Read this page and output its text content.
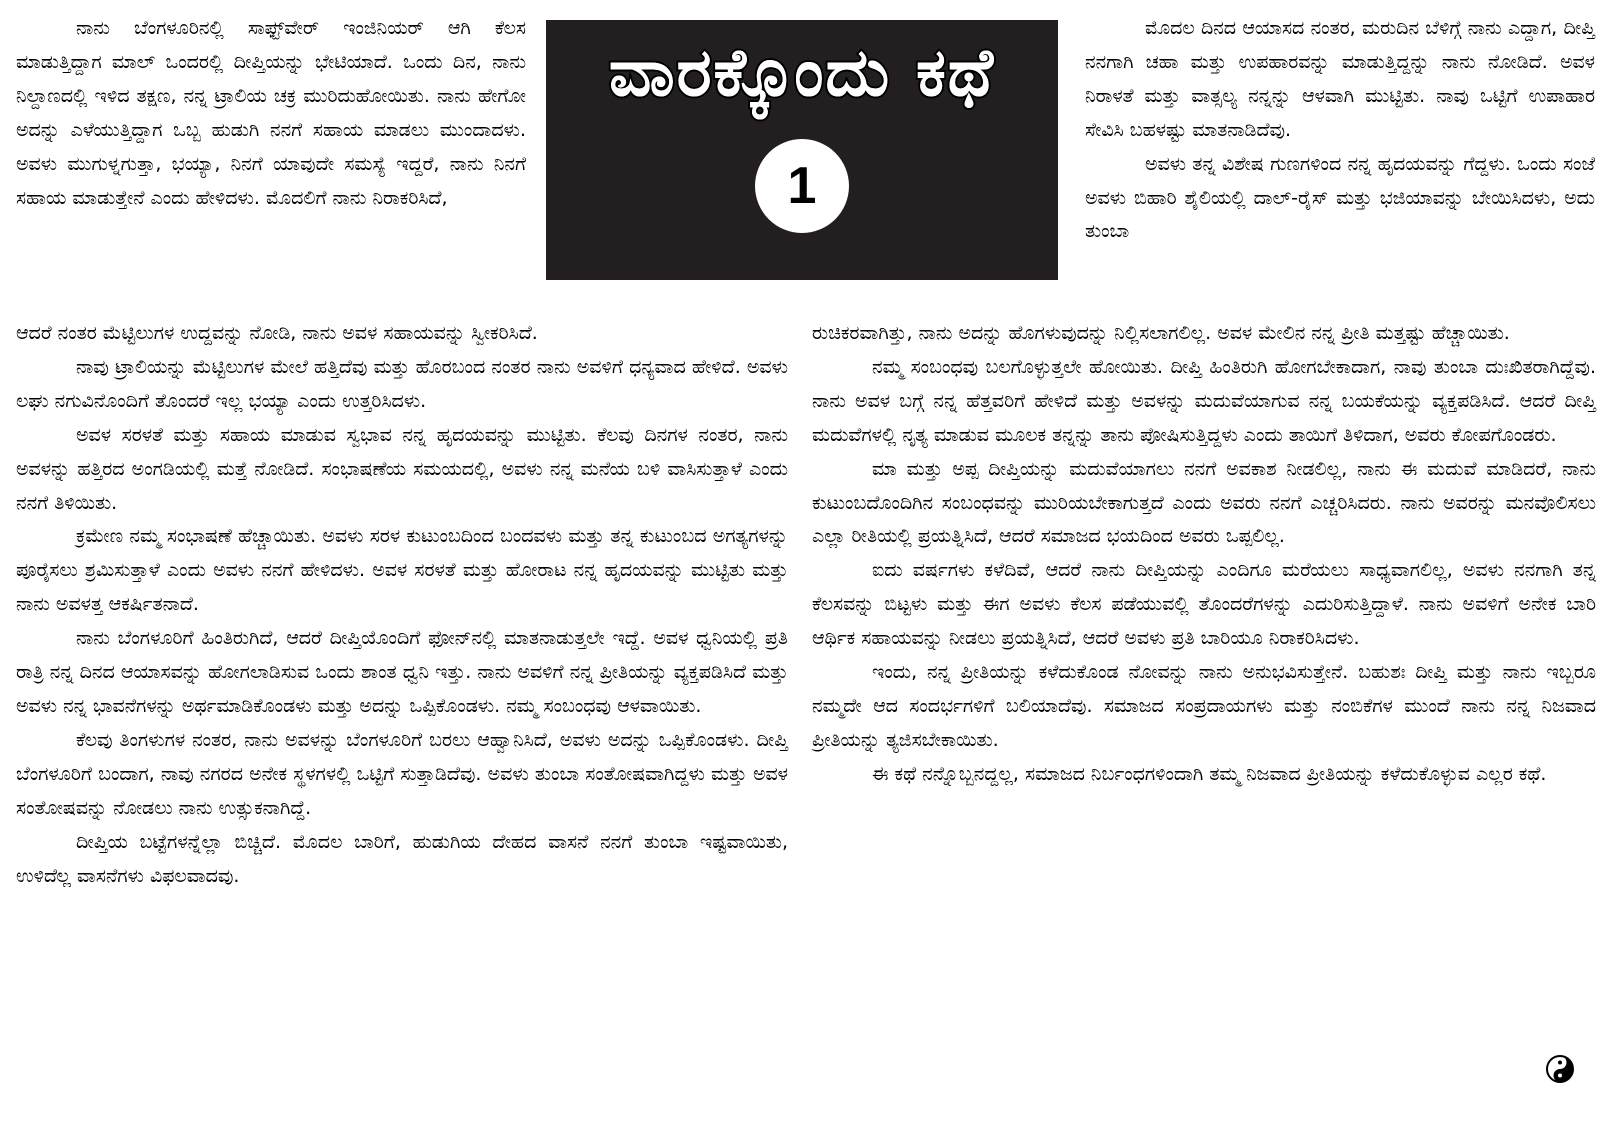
ನಾನು ಬೆಂಗಳೂರಿನಲ್ಲಿ ಸಾಫ್ಟ್‌ವೇರ್ ಇಂಜಿನಿಯರ್ ಆಗಿ ಕೆಲಸ ಮಾಡುತ್ತಿದ್ದಾಗ ಮಾಲ್ ಒಂದರಲ್ಲಿ ದೀಪ್ತಿಯನ್ನು ಭೇಟಿಯಾದೆ. ಒಂದು ದಿನ, ನಾನು ನಿಲ್ದಾಣದಲ್ಲಿ ಇಳಿದ ತಕ್ಷಣ, ನನ್ನ ಟ್ರಾಲಿಯ ಚಕ್ರ ಮುರಿದುಹೋಯಿತು. ನಾನು ಹೇಗೋ ಅದನ್ನು ಎಳೆಯುತ್ತಿದ್ದಾಗ ಒಬ್ಬ ಹುಡುಗಿ ನನಗೆ ಸಹಾಯ ಮಾಡಲು ಮುಂದಾದಳು. ಅವಳು ಮುಗುಳ್ನಗುತ್ತಾ, ಭಯ್ಯಾ, ನಿನಗೆ ಯಾವುದೇ ಸಮಸ್ಯೆ ಇದ್ದರೆ, ನಾನು ನಿನಗೆ ಸಹಾಯ ಮಾಡುತ್ತೇನೆ ಎಂದು ಹೇಳಿದಳು. ಮೊದಲಿಗೆ ನಾನು ನಿರಾಕರಿಸಿದೆ,

ವಾರಕ್ಕೊಂದು ಕಥೆ
1

ಮೊದಲ ದಿನದ ಆಯಾಸದ ನಂತರ, ಮರುದಿನ ಬೆಳಿಗ್ಗೆ ನಾನು ಎದ್ದಾಗ, ದೀಪ್ತಿ ನನಗಾಗಿ ಚಹಾ ಮತ್ತು ಉಪಹಾರವನ್ನು ಮಾಡುತ್ತಿದ್ದನ್ನು ನಾನು ನೋಡಿದೆ. ಅವಳ ನಿರಾಳತೆ ಮತ್ತು ವಾತ್ಸಲ್ಯ ನನ್ನನ್ನು ಆಳವಾಗಿ ಮುಟ್ಟಿತು. ನಾವು ಒಟ್ಟಿಗೆ ಉಪಾಹಾರ ಸೇವಿಸಿ ಬಹಳಷ್ಟು ಮಾತನಾಡಿದೆವು.

ಅವಳು ತನ್ನ ವಿಶೇಷ ಗುಣಗಳಿಂದ ನನ್ನ ಹೃದಯವನ್ನು ಗೆದ್ದಳು. ಒಂದು ಸಂಜೆ ಅವಳು ಬಿಹಾರಿ ಶೈಲಿಯಲ್ಲಿ ದಾಲ್-ರೈಸ್ ಮತ್ತು ಭಜಿಯಾವನ್ನು ಬೇಯಿಸಿದಳು, ಅದು ತುಂಬಾ

ಆದರೆ ನಂತರ ಮೆಟ್ಟಿಲುಗಳ ಉದ್ದವನ್ನು ನೋಡಿ, ನಾನು ಅವಳ ಸಹಾಯವನ್ನು ಸ್ವೀಕರಿಸಿದೆ.

ನಾವು ಟ್ರಾಲಿಯನ್ನು ಮೆಟ್ಟಿಲುಗಳ ಮೇಲೆ ಹತ್ತಿದೆವು ಮತ್ತು ಹೊರಬಂದ ನಂತರ ನಾನು ಅವಳಿಗೆ ಧನ್ಯವಾದ ಹೇಳಿದೆ. ಅವಳು ಲಘು ನಗುವಿನೊಂದಿಗೆ ತೊಂದರೆ ಇಲ್ಲ ಭಯ್ಯಾ ಎಂದು ಉತ್ತರಿಸಿದಳು.

ಅವಳ ಸರಳತೆ ಮತ್ತು ಸಹಾಯ ಮಾಡುವ ಸ್ವಭಾವ ನನ್ನ ಹೃದಯವನ್ನು ಮುಟ್ಟಿತು. ಕೆಲವು ದಿನಗಳ ನಂತರ, ನಾನು ಅವಳನ್ನು ಹತ್ತಿರದ ಅಂಗಡಿಯಲ್ಲಿ ಮತ್ತೆ ನೋಡಿದೆ. ಸಂಭಾಷಣೆಯ ಸಮಯದಲ್ಲಿ, ಅವಳು ನನ್ನ ಮನೆಯ ಬಳಿ ವಾಸಿಸುತ್ತಾಳೆ ಎಂದು ನನಗೆ ತಿಳಿಯಿತು.

ಕ್ರಮೇಣ ನಮ್ಮ ಸಂಭಾಷಣೆ ಹೆಚ್ಚಾಯಿತು. ಅವಳು ಸರಳ ಕುಟುಂಬದಿಂದ ಬಂದವಳು ಮತ್ತು ತನ್ನ ಕುಟುಂಬದ ಅಗತ್ಯಗಳನ್ನು ಪೂರೈಸಲು ಶ್ರಮಿಸುತ್ತಾಳೆ ಎಂದು ಅವಳು ನನಗೆ ಹೇಳಿದಳು. ಅವಳ ಸರಳತೆ ಮತ್ತು ಹೋರಾಟ ನನ್ನ ಹೃದಯವನ್ನು ಮುಟ್ಟಿತು ಮತ್ತು ನಾನು ಅವಳತ್ತ ಆಕರ್ಷಿತನಾದೆ.

ನಾನು ಬೆಂಗಳೂರಿಗೆ ಹಿಂತಿರುಗಿದೆ, ಆದರೆ ದೀಪ್ತಿಯೊಂದಿಗೆ ಫೋನ್‌ನಲ್ಲಿ ಮಾತನಾಡುತ್ತಲೇ ಇದ್ದೆ. ಅವಳ ಧ್ವನಿಯಲ್ಲಿ ಪ್ರತಿ ರಾತ್ರಿ ನನ್ನ ದಿನದ ಆಯಾಸವನ್ನು ಹೋಗಲಾಡಿಸುವ ಒಂದು ಶಾಂತ ಧ್ವನಿ ಇತ್ತು. ನಾನು ಅವಳಿಗೆ ನನ್ನ ಪ್ರೀತಿಯನ್ನು ವ್ಯಕ್ತಪಡಿಸಿದೆ ಮತ್ತು ಅವಳು ನನ್ನ ಭಾವನೆಗಳನ್ನು ಅರ್ಥಮಾಡಿಕೊಂಡಳು ಮತ್ತು ಅದನ್ನು ಒಪ್ಪಿಕೊಂಡಳು. ನಮ್ಮ ಸಂಬಂಧವು ಆಳವಾಯಿತು.

ಕೆಲವು ತಿಂಗಳುಗಳ ನಂತರ, ನಾನು ಅವಳನ್ನು ಬೆಂಗಳೂರಿಗೆ ಬರಲು ಆಹ್ವಾನಿಸಿದೆ, ಅವಳು ಅದನ್ನು ಒಪ್ಪಿಕೊಂಡಳು. ದೀಪ್ತಿ ಬೆಂಗಳೂರಿಗೆ ಬಂದಾಗ, ನಾವು ನಗರದ ಅನೇಕ ಸ್ಥಳಗಳಲ್ಲಿ ಒಟ್ಟಿಗೆ ಸುತ್ತಾಡಿದೆವು. ಅವಳು ತುಂಬಾ ಸಂತೋಷವಾಗಿದ್ದಳು ಮತ್ತು ಅವಳ ಸಂತೋಷವನ್ನು ನೋಡಲು ನಾನು ಉತ್ಸುಕನಾಗಿದ್ದೆ.

ದೀಪ್ತಿಯ ಬಟ್ಟೆಗಳನ್ನೆಲ್ಲಾ ಬಿಚ್ಚಿದೆ. ಮೊದಲ ಬಾರಿಗೆ, ಹುಡುಗಿಯ ದೇಹದ ವಾಸನೆ ನನಗೆ ತುಂಬಾ ಇಷ್ಟವಾಯಿತು, ಉಳಿದೆಲ್ಲ ವಾಸನೆಗಳು ವಿಫಲವಾದವು.

ರುಚಿಕರವಾಗಿತ್ತು, ನಾನು ಅದನ್ನು ಹೊಗಳುವುದನ್ನು ನಿಲ್ಲಿಸಲಾಗಲಿಲ್ಲ. ಅವಳ ಮೇಲಿನ ನನ್ನ ಪ್ರೀತಿ ಮತ್ತಷ್ಟು ಹೆಚ್ಚಾಯಿತು.

ನಮ್ಮ ಸಂಬಂಧವು ಬಲಗೊಳ್ಳುತ್ತಲೇ ಹೋಯಿತು. ದೀಪ್ತಿ ಹಿಂತಿರುಗಿ ಹೋಗಬೇಕಾದಾಗ, ನಾವು ತುಂಬಾ ದುಃಖಿತರಾಗಿದ್ದೆವು. ನಾನು ಅವಳ ಬಗ್ಗೆ ನನ್ನ ಹೆತ್ತವರಿಗೆ ಹೇಳಿದೆ ಮತ್ತು ಅವಳನ್ನು ಮದುವೆಯಾಗುವ ನನ್ನ ಬಯಕೆಯನ್ನು ವ್ಯಕ್ತಪಡಿಸಿದೆ. ಆದರೆ ದೀಪ್ತಿ ಮದುವೆಗಳಲ್ಲಿ ನೃತ್ಯ ಮಾಡುವ ಮೂಲಕ ತನ್ನನ್ನು ತಾನು ಪೋಷಿಸುತ್ತಿದ್ದಳು ಎಂದು ತಾಯಿಗೆ ತಿಳಿದಾಗ, ಅವರು ಕೋಪಗೊಂಡರು.

ಮಾ ಮತ್ತು ಅಪ್ಪ ದೀಪ್ತಿಯನ್ನು ಮದುವೆಯಾಗಲು ನನಗೆ ಅವಕಾಶ ನೀಡಲಿಲ್ಲ, ನಾನು ಈ ಮದುವೆ ಮಾಡಿದರೆ, ನಾನು ಕುಟುಂಬದೊಂದಿಗಿನ ಸಂಬಂಧವನ್ನು ಮುರಿಯಬೇಕಾಗುತ್ತದೆ ಎಂದು ಅವರು ನನಗೆ ಎಚ್ಚರಿಸಿದರು. ನಾನು ಅವರನ್ನು ಮನವೊಲಿಸಲು ಎಲ್ಲಾ ರೀತಿಯಲ್ಲಿ ಪ್ರಯತ್ನಿಸಿದೆ, ಆದರೆ ಸಮಾಜದ ಭಯದಿಂದ ಅವರು ಒಪ್ಪಲಿಲ್ಲ.

ಐದು ವರ್ಷಗಳು ಕಳೆದಿವೆ, ಆದರೆ ನಾನು ದೀಪ್ತಿಯನ್ನು ಎಂದಿಗೂ ಮರೆಯಲು ಸಾಧ್ಯವಾಗಲಿಲ್ಲ, ಅವಳು ನನಗಾಗಿ ತನ್ನ ಕೆಲಸವನ್ನು ಬಿಟ್ಟಳು ಮತ್ತು ಈಗ ಅವಳು ಕೆಲಸ ಪಡೆಯುವಲ್ಲಿ ತೊಂದರೆಗಳನ್ನು ಎದುರಿಸುತ್ತಿದ್ದಾಳೆ. ನಾನು ಅವಳಿಗೆ ಅನೇಕ ಬಾರಿ ಆರ್ಥಿಕ ಸಹಾಯವನ್ನು ನೀಡಲು ಪ್ರಯತ್ನಿಸಿದೆ, ಆದರೆ ಅವಳು ಪ್ರತಿ ಬಾರಿಯೂ ನಿರಾಕರಿಸಿದಳು.

ಇಂದು, ನನ್ನ ಪ್ರೀತಿಯನ್ನು ಕಳೆದುಕೊಂಡ ನೋವನ್ನು ನಾನು ಅನುಭವಿಸುತ್ತೇನೆ. ಬಹುಶಃ ದೀಪ್ತಿ ಮತ್ತು ನಾನು ಇಬ್ಬರೂ ನಮ್ಮದೇ ಆದ ಸಂದರ್ಭಗಳಿಗೆ ಬಲಿಯಾದೆವು. ಸಮಾಜದ ಸಂಪ್ರದಾಯಗಳು ಮತ್ತು ನಂಬಿಕೆಗಳ ಮುಂದೆ ನಾನು ನನ್ನ ನಿಜವಾದ ಪ್ರೀತಿಯನ್ನು ತ್ಯಜಿಸಬೇಕಾಯಿತು.

ಈ ಕಥೆ ನನ್ನೊಬ್ಬನದ್ದಲ್ಲ, ಸಮಾಜದ ನಿರ್ಬಂಧಗಳಿಂದಾಗಿ ತಮ್ಮ ನಿಜವಾದ ಪ್ರೀತಿಯನ್ನು ಕಳೆದುಕೊಳ್ಳುವ ಎಲ್ಲರ ಕಥೆ.
